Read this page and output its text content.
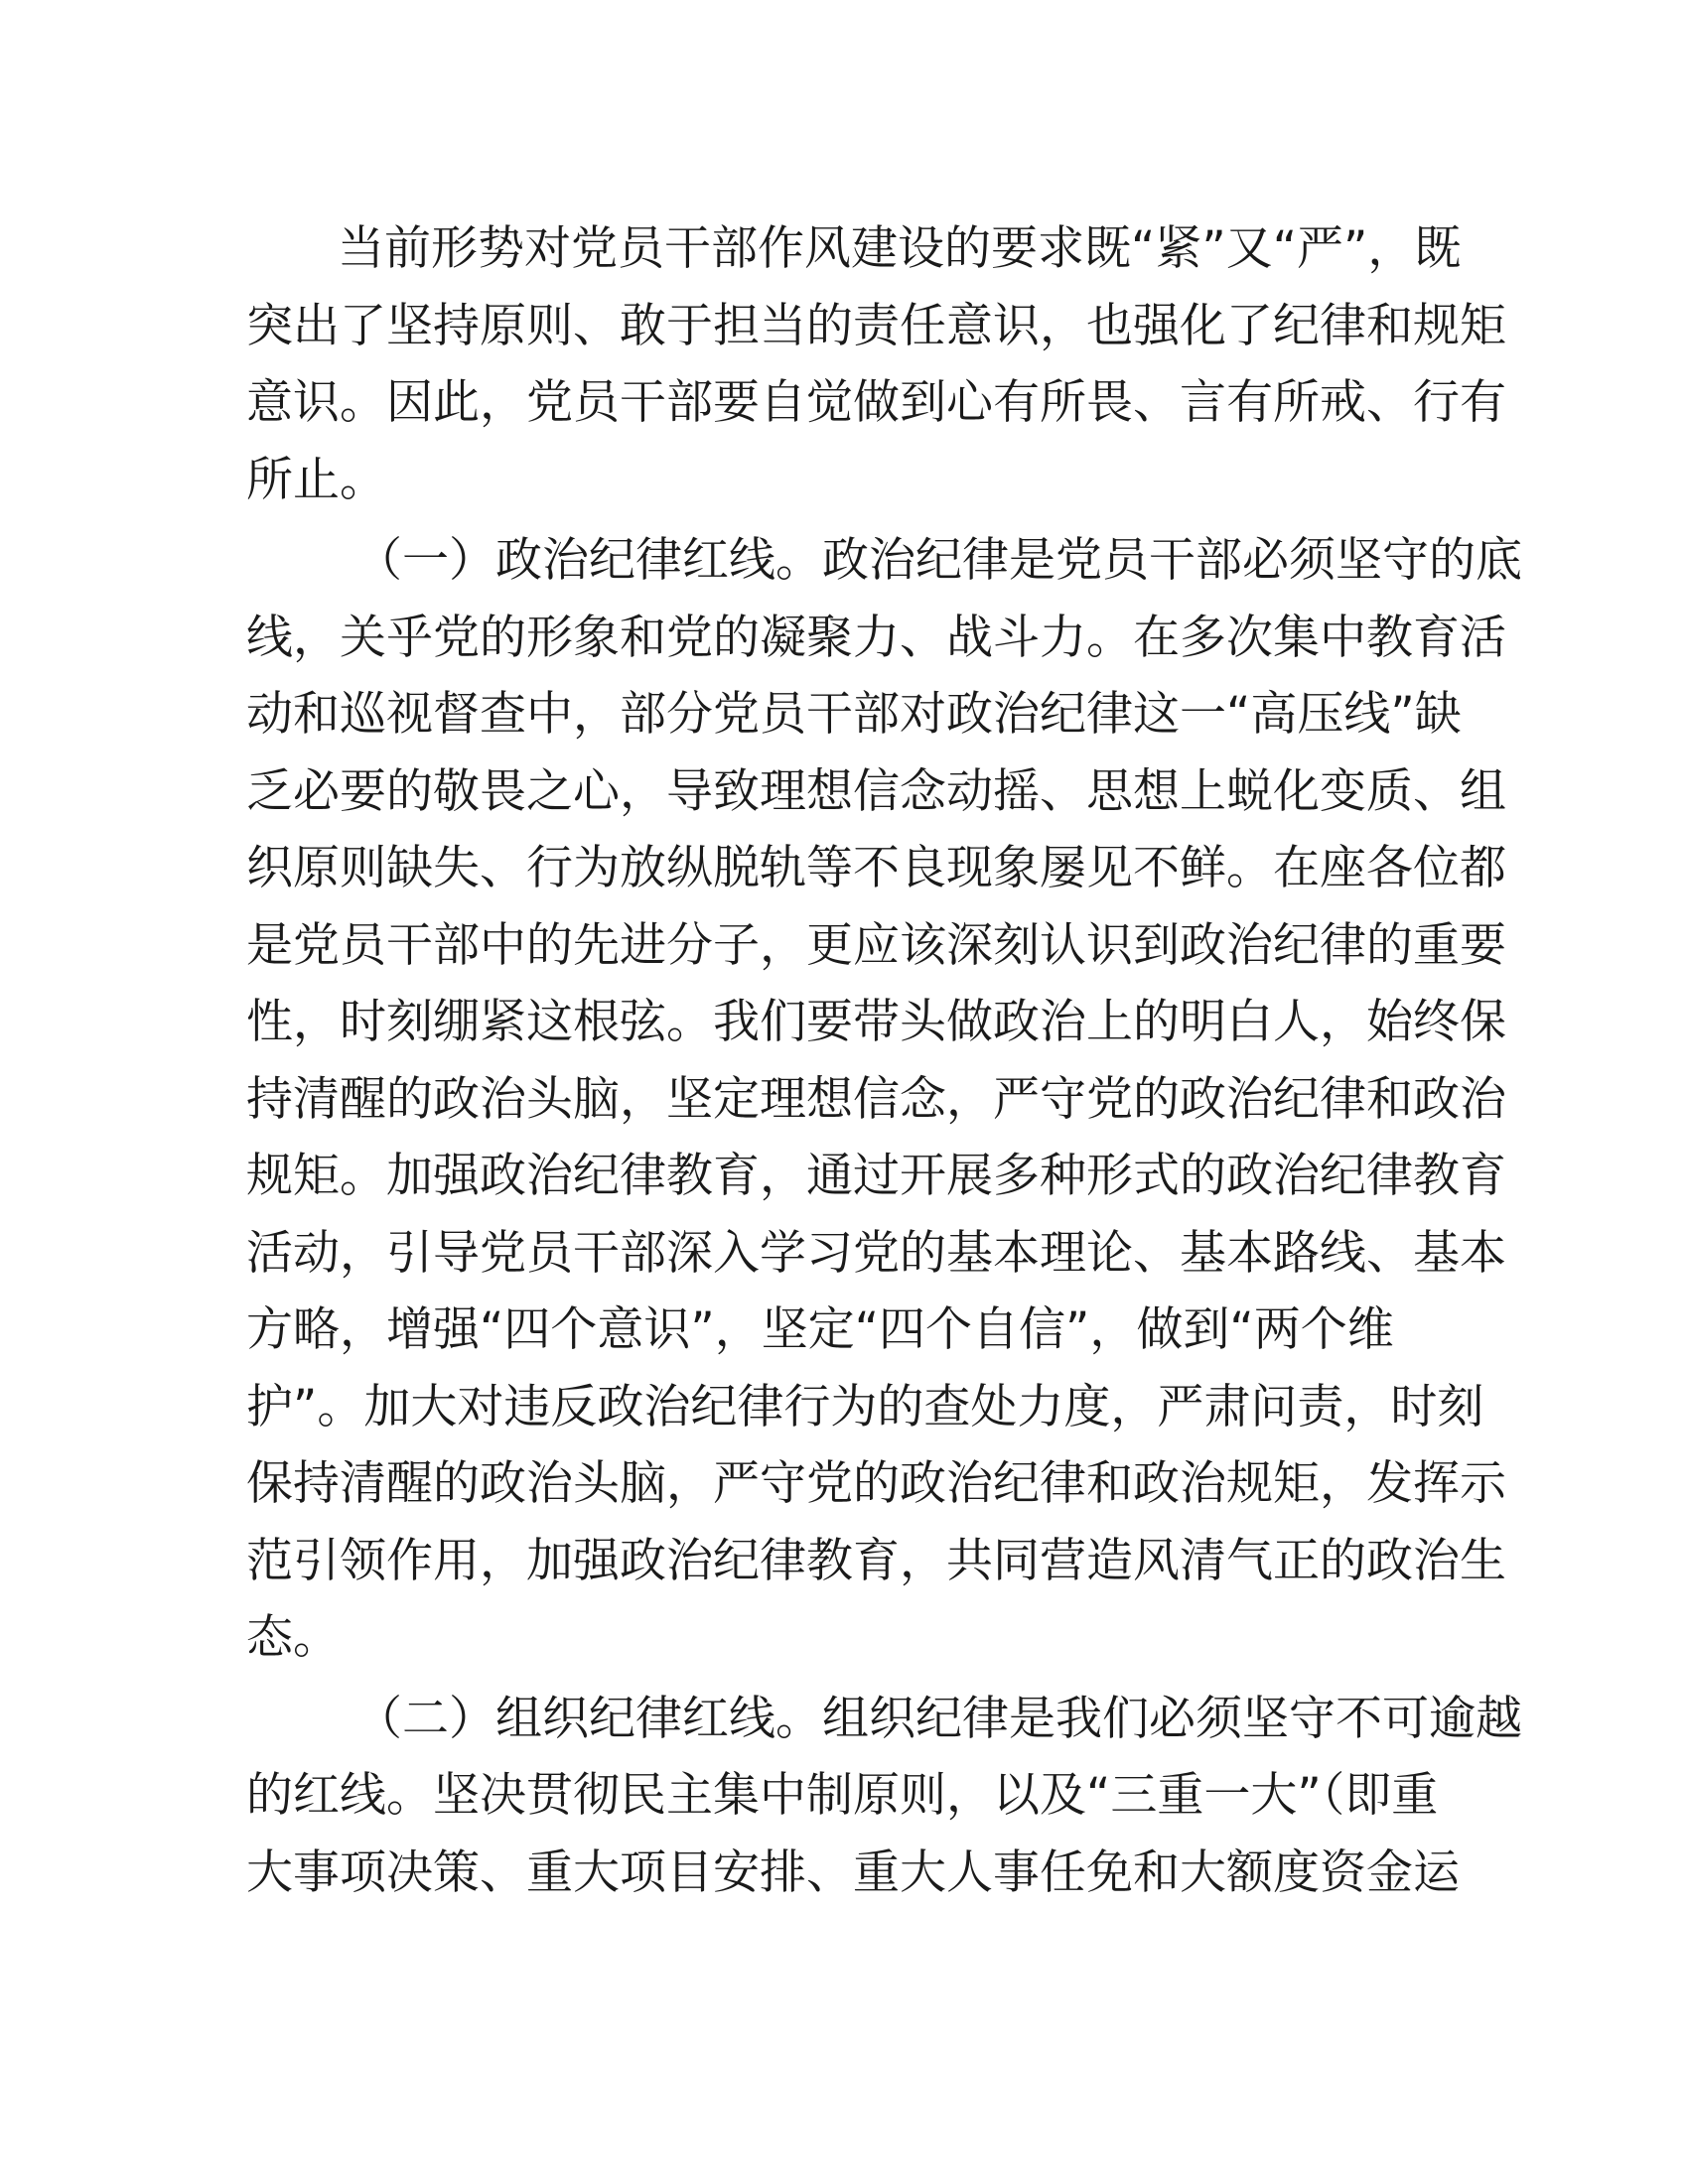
当前形势对党员干部作风建设的要求既“紧”又“严”，既
突出了坚持原则、敢于担当的责任意识，也强化了纪律和规矩
意识。因此，党员干部要自觉做到心有所畏、言有所戒、行有
所止。

（一）政治纪律红线。政治纪律是党员干部必须坚守的底
线，关乎党的形象和党的凝聚力、战斗力。在多次集中教育活
动和巡视督查中，部分党员干部对政治纪律这一“高压线”缺
乏必要的敬畏之心，导致理想信念动摇、思想上蜕化变质、组
织原则缺失、行为放纵脱轨等不良现象屡见不鲜。在座各位都
是党员干部中的先进分子，更应该深刻认识到政治纪律的重要
性，时刻绷紧这根弦。我们要带头做政治上的明白人，始终保
持清醒的政治头脑，坚定理想信念，严守党的政治纪律和政治
规矩。加强政治纪律教育，通过开展多种形式的政治纪律教育
活动，引导党员干部深入学习党的基本理论、基本路线、基本
方略，增强“四个意识”，坚定“四个自信”，做到“两个维
护”。加大对违反政治纪律行为的查处力度，严肃问责，时刻
保持清醒的政治头脑，严守党的政治纪律和政治规矩，发挥示
范引领作用，加强政治纪律教育，共同营造风清气正的政治生
态。

（二）组织纪律红线。组织纪律是我们必须坚守不可逾越
的红线。坚决贯彻民主集中制原则，以及“三重一大”（即重
大事项决策、重大项目安排、重大人事任免和大额度资金运
